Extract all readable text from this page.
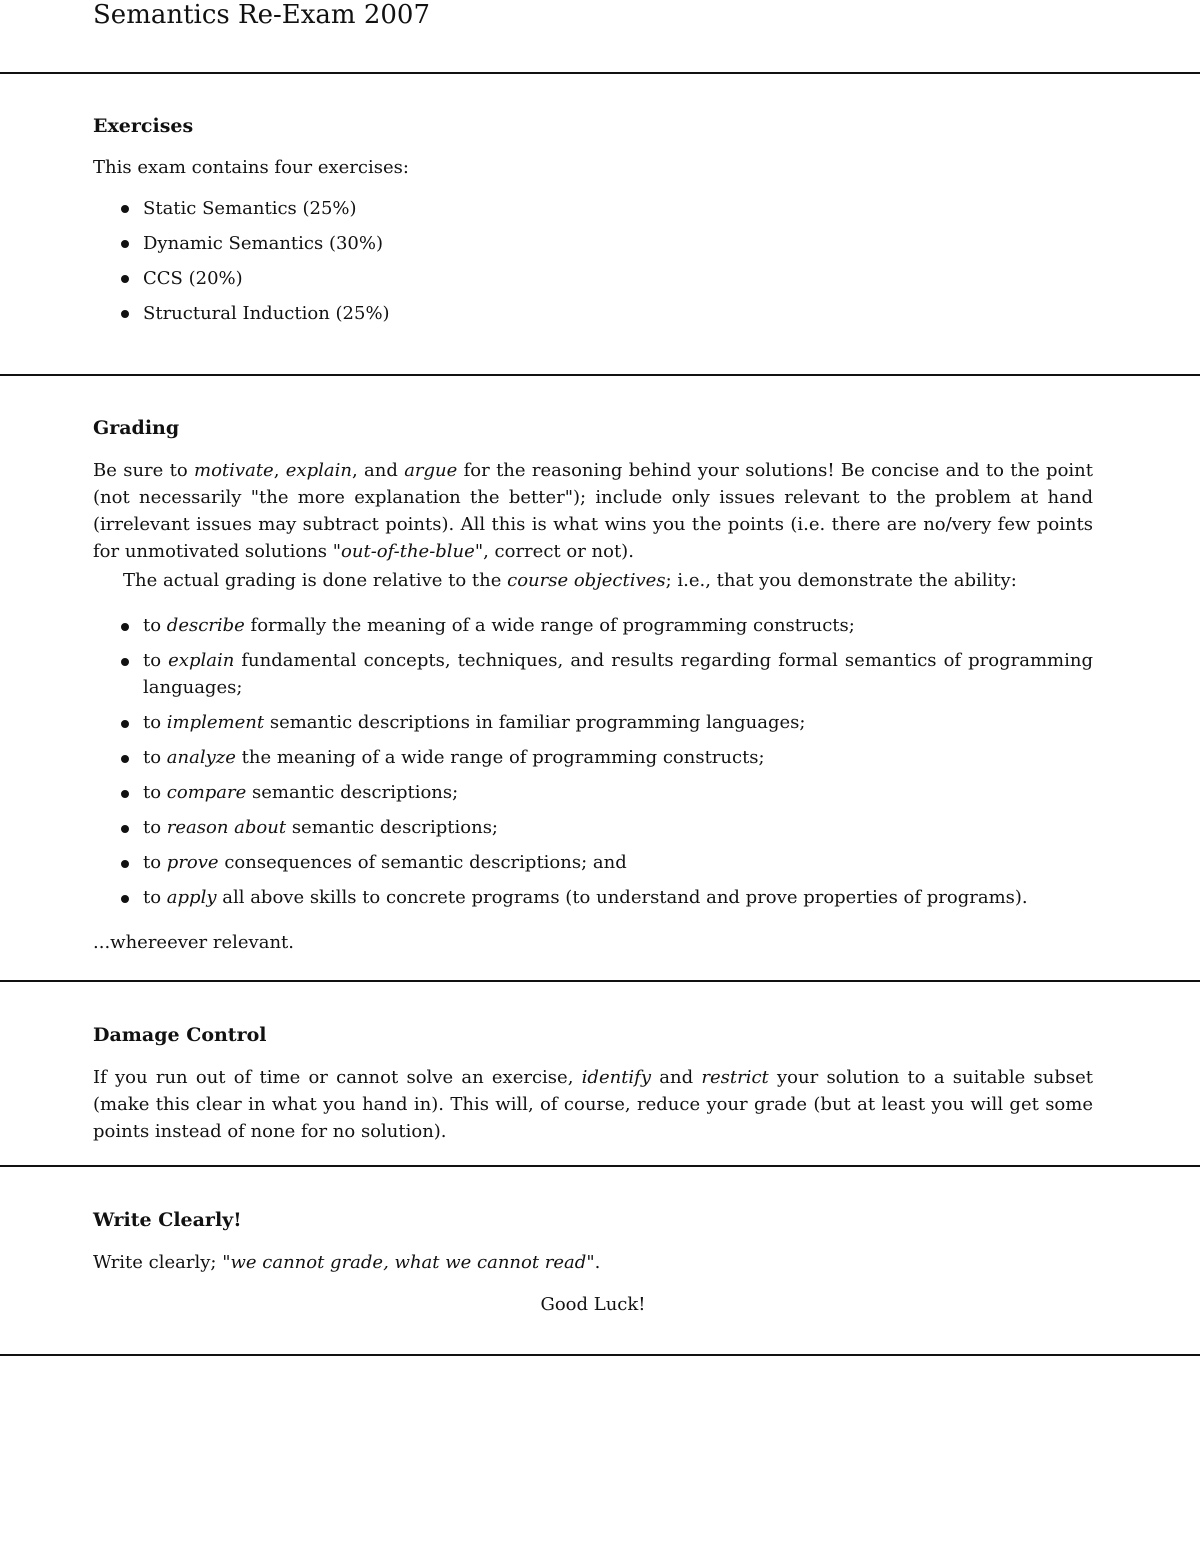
Semantics Re-Exam 2007
Exercises

This exam contains four exercises:

Static Semantics (25%)
Dynamic Semantics (30%)
CCS (20%)
Structural Induction (25%)
Grading

Be sure to motivate, explain, and argue for the reasoning behind your solutions! Be concise and to the point (not necessarily "the more explanation the better"); include only issues relevant to the problem at hand (irrelevant issues may subtract points). All this is what wins you the points (i.e. there are no/very few points for unmotivated solutions "out-of-the-blue", correct or not).

The actual grading is done relative to the course objectives; i.e., that you demonstrate the ability:

to describe formally the meaning of a wide range of programming constructs;
to explain fundamental concepts, techniques, and results regarding formal semantics of programming languages;
to implement semantic descriptions in familiar programming languages;
to analyze the meaning of a wide range of programming constructs;
to compare semantic descriptions;
to reason about semantic descriptions;
to prove consequences of semantic descriptions; and
to apply all above skills to concrete programs (to understand and prove properties of programs).

...whereever relevant.

Damage Control

If you run out of time or cannot solve an exercise, identify and restrict your solution to a suitable subset (make this clear in what you hand in). This will, of course, reduce your grade (but at least you will get some points instead of none for no solution).

Write Clearly!

Write clearly; "we cannot grade, what we cannot read".

Good Luck!
